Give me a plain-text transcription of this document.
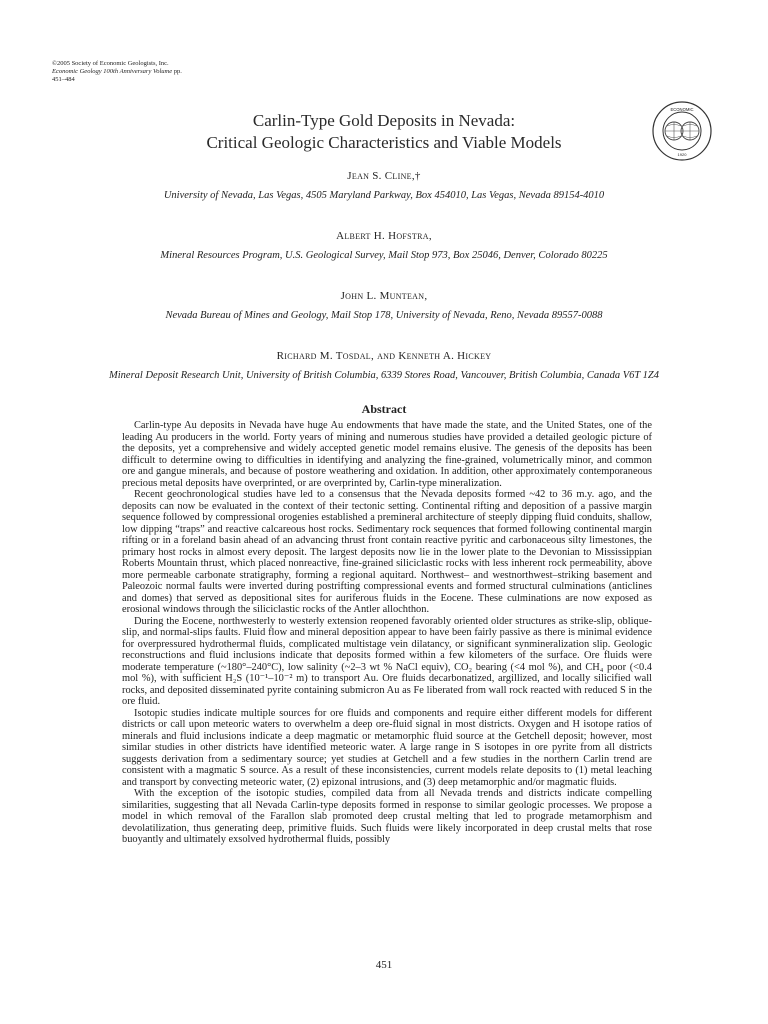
©2005 Society of Economic Geologists, Inc.
Economic Geology 100th Anniversary Volume pp.
451–484
ECONOMIC
1920
Carlin-Type Gold Deposits in Nevada:
Critical Geologic Characteristics and Viable Models
Jean S. Cline,†
University of Nevada, Las Vegas, 4505 Maryland Parkway, Box 454010, Las Vegas, Nevada 89154-4010
Albert H. Hofstra,
Mineral Resources Program, U.S. Geological Survey, Mail Stop 973, Box 25046, Denver, Colorado 80225
John L. Muntean,
Nevada Bureau of Mines and Geology, Mail Stop 178, University of Nevada, Reno, Nevada 89557-0088
Richard M. Tosdal, and Kenneth A. Hickey
Mineral Deposit Research Unit, University of British Columbia, 6339 Stores Road, Vancouver, British Columbia, Canada V6T 1Z4
Abstract

Carlin-type Au deposits in Nevada have huge Au endowments that have made the state, and the United States, one of the leading Au producers in the world. Forty years of mining and numerous studies have provided a detailed geologic picture of the deposits, yet a comprehensive and widely accepted genetic model remains elusive. The genesis of the deposits has been difficult to determine owing to difficulties in identifying and analyzing the fine-grained, volumetrically minor, and common ore and gangue minerals, and because of postore weathering and oxidation. In addition, other approximately contemporaneous precious metal deposits have overprinted, or are overprinted by, Carlin-type mineralization.

Recent geochronological studies have led to a consensus that the Nevada deposits formed ~42 to 36 m.y. ago, and the deposits can now be evaluated in the context of their tectonic setting. Continental rifting and deposition of a passive margin sequence followed by compressional orogenies established a premineral architecture of steeply dipping fluid conduits, shallow, low dipping “traps” and reactive calcareous host rocks. Sedimentary rock sequences that formed following continental margin rifting or in a foreland basin ahead of an advancing thrust front contain reactive pyritic and carbonaceous silty limestones, the primary host rocks in almost every deposit. The largest deposits now lie in the lower plate to the Devonian to Mississippian Roberts Mountain thrust, which placed nonreactive, fine-grained siliciclastic rocks with less inherent rock permeability, above more permeable carbonate stratigraphy, forming a regional aquitard. Northwest– and westnorthwest–striking basement and Paleozoic normal faults were inverted during postrifting compressional events and formed structural culminations (anticlines and domes) that served as depositional sites for auriferous fluids in the Eocene. These culminations are now exposed as erosional windows through the siliciclastic rocks of the Antler allochthon.

During the Eocene, northwesterly to westerly extension reopened favorably oriented older structures as strike-slip, oblique-slip, and normal-slips faults. Fluid flow and mineral deposition appear to have been fairly passive as there is minimal evidence for overpressured hydrothermal fluids, complicated multistage vein dilatancy, or significant synmineralization slip. Geologic reconstructions and fluid inclusions indicate that deposits formed within a few kilometers of the surface. Ore fluids were moderate temperature (~180°–240°C), low salinity (~2–3 wt % NaCl equiv), CO₂ bearing (<4 mol %), and CH₄ poor (<0.4 mol %), with sufficient H₂S (10⁻¹–10⁻² m) to transport Au. Ore fluids decarbonatized, argillized, and locally silicified wall rocks, and deposited disseminated pyrite containing submicron Au as Fe liberated from wall rock reacted with reduced S in the ore fluid.

Isotopic studies indicate multiple sources for ore fluids and components and require either different models for different districts or call upon meteoric waters to overwhelm a deep ore-fluid signal in most districts. Oxygen and H isotope ratios of minerals and fluid inclusions indicate a deep magmatic or metamorphic fluid source at the Getchell deposit; however, most similar studies in other districts have identified meteoric water. A large range in S isotopes in ore pyrite from all districts suggests derivation from a sedimentary source; yet studies at Getchell and a few studies in the northern Carlin trend are consistent with a magmatic S source. As a result of these inconsistencies, current models relate deposits to (1) metal leaching and transport by convecting meteoric water, (2) epizonal intrusions, and (3) deep metamorphic and/or magmatic fluids.

With the exception of the isotopic studies, compiled data from all Nevada trends and districts indicate compelling similarities, suggesting that all Nevada Carlin-type deposits formed in response to similar geologic processes. We propose a model in which removal of the Farallon slab promoted deep crustal melting that led to prograde metamorphism and devolatilization, thus generating deep, primitive fluids. Such fluids were likely incorporated in deep crustal melts that rose buoyantly and ultimately exsolved hydrothermal fluids, possibly

451
